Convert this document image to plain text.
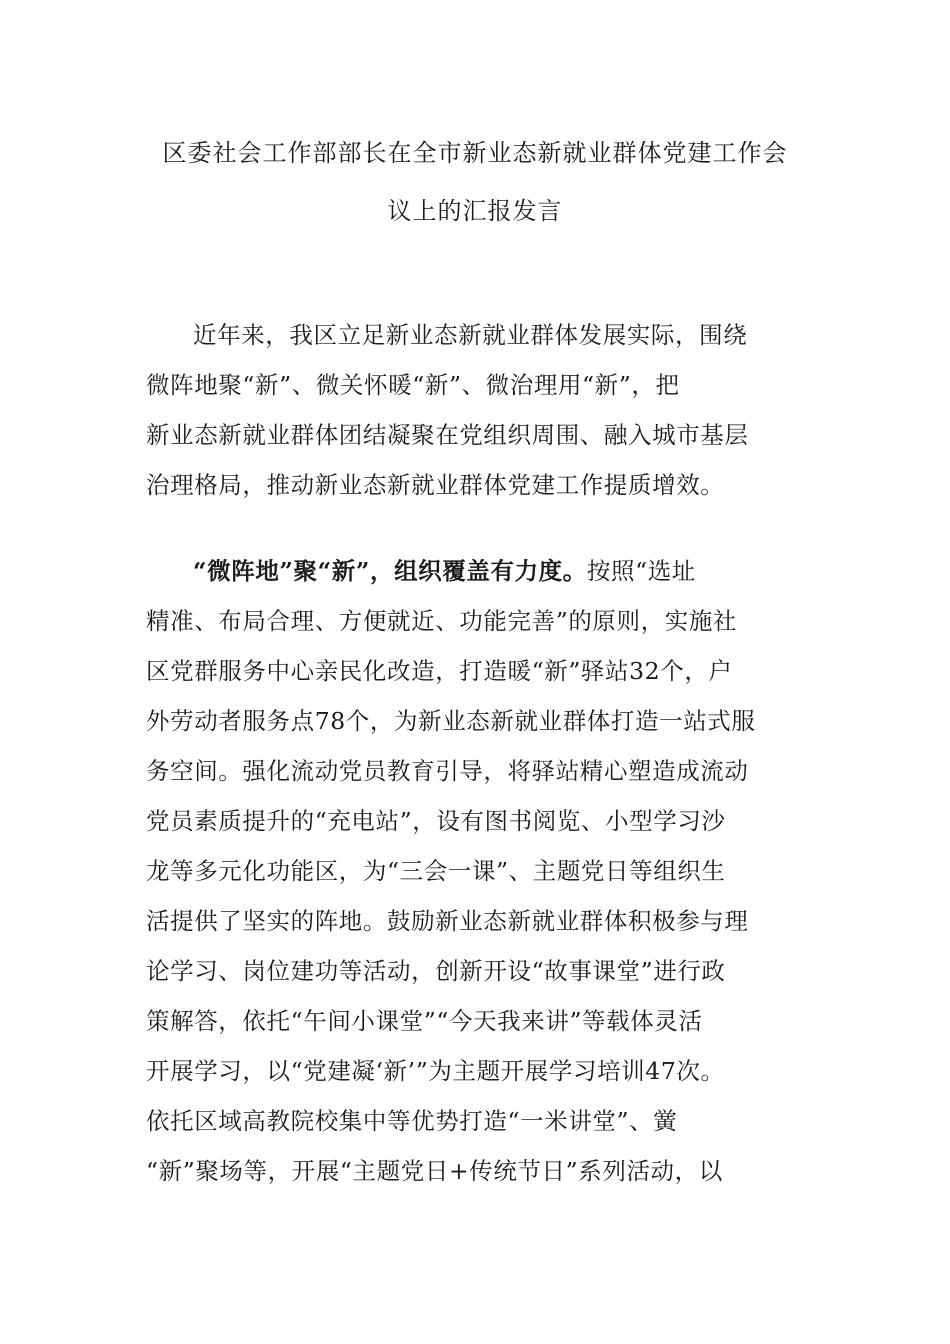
区委社会工作部部长在全市新业态新就业群体党建工作会
议上的汇报发言

近年来，我区立足新业态新就业群体发展实际，围绕
微阵地聚“新”、微关怀暖“新”、微治理用“新”，把
新业态新就业群体团结凝聚在党组织周围、融入城市基层
治理格局，推动新业态新就业群体党建工作提质增效。

“微阵地”聚“新”，组织覆盖有力度。按照“选址
精准、布局合理、方便就近、功能完善”的原则，实施社
区党群服务中心亲民化改造，打造暖“新”驿站32个，户
外劳动者服务点78个，为新业态新就业群体打造一站式服
务空间。强化流动党员教育引导，将驿站精心塑造成流动
党员素质提升的“充电站”，设有图书阅览、小型学习沙
龙等多元化功能区，为“三会一课”、主题党日等组织生
活提供了坚实的阵地。鼓励新业态新就业群体积极参与理
论学习、岗位建功等活动，创新开设“故事课堂”进行政
策解答，依托“午间小课堂”“今天我来讲”等载体灵活
开展学习，以“党建凝‘新’”为主题开展学习培训47次。
依托区域高教院校集中等优势打造“一米讲堂”、黉
“新”聚场等，开展“主题党日+传统节日”系列活动，以
